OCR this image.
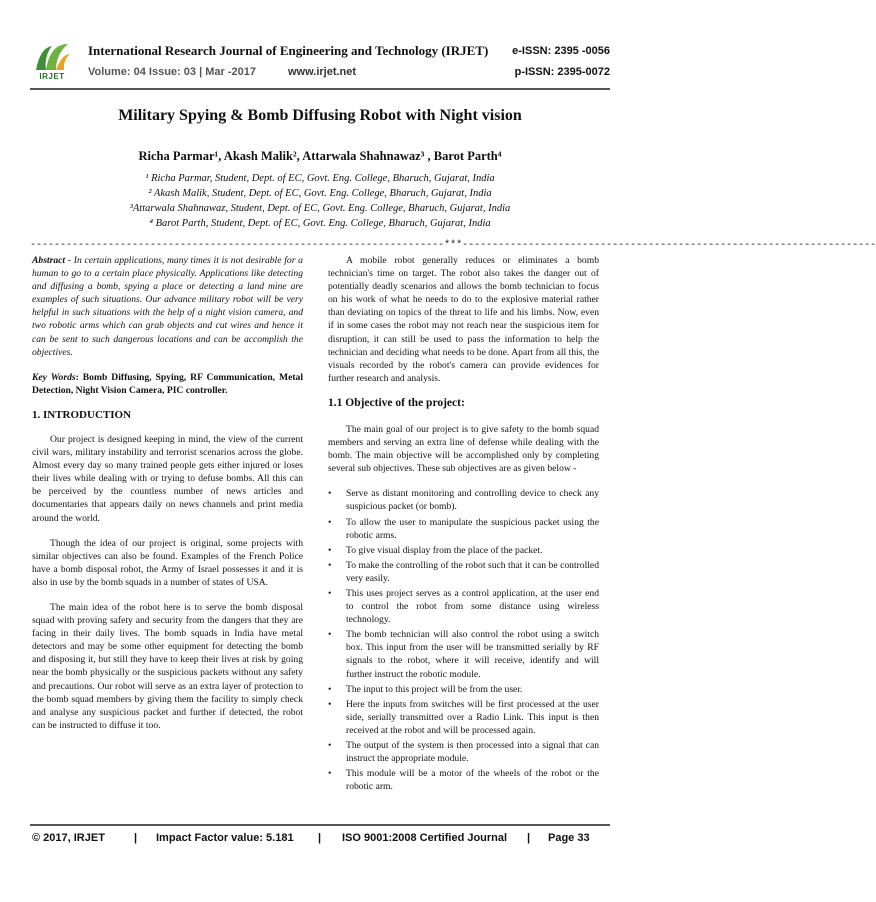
IRJET
International Research Journal of Engineering and Technology (IRJET) e-ISSN: 2395 -0056
Volume: 04 Issue: 03 | Mar -2017	www.irjet.net	p-ISSN: 2395-0072
Military Spying & Bomb Diffusing Robot with Night vision
Richa Parmar¹, Akash Malik², Attarwala Shahnawaz³ , Barot Parth⁴
¹ Richa Parmar, Student, Dept. of EC, Govt. Eng. College, Bharuch, Gujarat, India
² Akash Malik, Student, Dept. of EC, Govt. Eng. College, Bharuch, Gujarat, India
³Attarwala Shahnawaz, Student, Dept. of EC, Govt. Eng. College, Bharuch, Gujarat, India
⁴ Barot Parth, Student, Dept. of EC, Govt. Eng. College, Bharuch, Gujarat, India
---------------------------------------------------------------------***---------------------------------------------------------------------

Abstract - In certain applications, many times it is not desirable for a human to go to a certain place physically. Applications like detecting and diffusing a bomb, spying a place or detecting a land mine are examples of such situations. Our advance military robot will be very helpful in such situations with the help of a night vision camera, and two robotic arms which can grab objects and cut wires and hence it can be sent to such dangerous locations and can be accomplish the objectives.

Key Words: Bomb Diffusing, Spying, RF Communication, Metal Detection, Night Vision Camera, PIC controller.

1. INTRODUCTION

Our project is designed keeping in mind, the view of the current civil wars, military instability and terrorist scenarios across the globe. Almost every day so many trained people gets either injured or loses their lives while dealing with or trying to defuse bombs. All this can be perceived by the countless number of news articles and documentaries that appears daily on news channels and print media around the world.

Though the idea of our project is original, some projects with similar objectives can also be found. Examples of the French Police have a bomb disposal robot, the Army of Israel possesses it and it is also in use by the bomb squads in a number of states of USA.

The main idea of the robot here is to serve the bomb disposal squad with proving safety and security from the dangers that they are facing in their daily lives. The bomb squads in India have metal detectors and may be some other equipment for detecting the bomb and disposing it, but still they have to keep their lives at risk by going near the bomb physically or the suspicious packets without any safety and precautions. Our robot will serve as an extra layer of protection to the bomb squad members by giving them the facility to simply check and analyse any suspicious packet and further if detected, the robot can be instructed to diffuse it too.

A mobile robot generally reduces or eliminates a bomb technician's time on target. The robot also takes the danger out of potentially deadly scenarios and allows the bomb technician to focus on his work of what he needs to do to the explosive material rather than deviating on topics of the threat to life and his limbs. Now, even if in some cases the robot may not reach near the suspicious item for disruption, it can still be used to pass the information to help the technician and deciding what needs to be done. Apart from all this, the visuals recorded by the robot's camera can provide evidences for further research and analysis.

1.1 Objective of the project:

The main goal of our project is to give safety to the bomb squad members and serving an extra line of defense while dealing with the bomb. The main objective will be accomplished only by completing several sub objectives. These sub objectives are as given below -

• Serve as distant monitoring and controlling device to check any suspicious packet (or bomb).
• To allow the user to manipulate the suspicious packet using the robotic arms.
• To give visual display from the place of the packet.
• To make the controlling of the robot such that it can be controlled very easily.
• This uses project serves as a control application, at the user end to control the robot from some distance using wireless technology.
• The bomb technician will also control the robot using a switch box. This input from the user will be transmitted serially by RF signals to the robot, where it will receive, identify and will further instruct the robotic module.
• The input to this project will be from the user.
• Here the inputs from switches will be first processed at the user side, serially transmitted over a Radio Link. This input is then received at the robot and will be processed again.
• The output of the system is then processed into a signal that can instruct the appropriate module.
• This module will be a motor of the wheels of the robot or the robotic arm.
© 2017, IRJET	| Impact Factor value: 5.181 | ISO 9001:2008 Certified Journal | Page 33
